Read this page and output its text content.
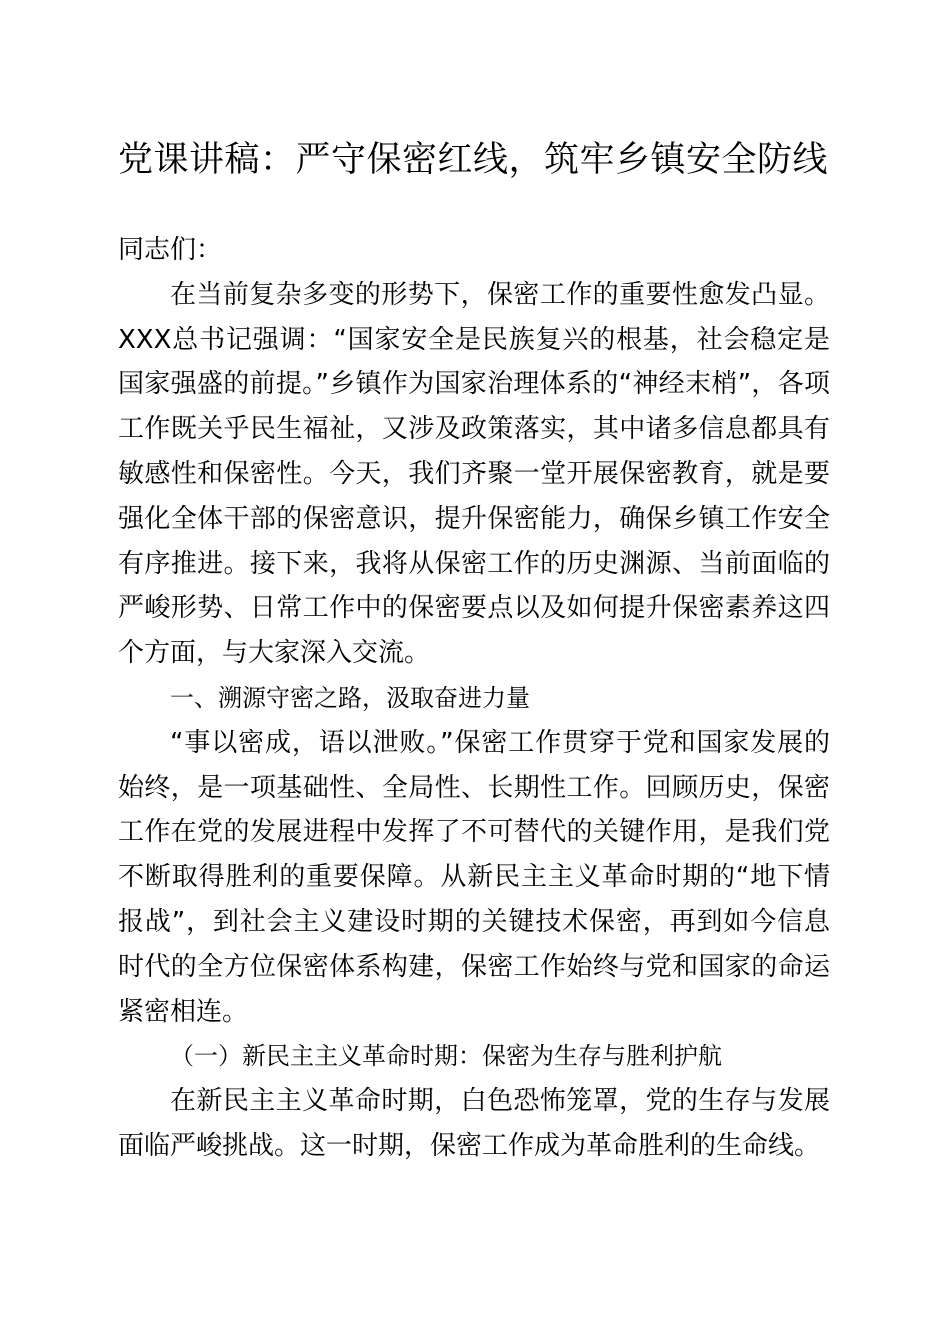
党课讲稿：严守保密红线，筑牢乡镇安全防线

同志们：

在当前复杂多变的形势下，保密工作的重要性愈发凸显。XXX总书记强调：“国家安全是民族复兴的根基，社会稳定是国家强盛的前提。”乡镇作为国家治理体系的“神经末梢”，各项工作既关乎民生福祉，又涉及政策落实，其中诸多信息都具有敏感性和保密性。今天，我们齐聚一堂开展保密教育，就是要强化全体干部的保密意识，提升保密能力，确保乡镇工作安全有序推进。接下来，我将从保密工作的历史渊源、当前面临的严峻形势、日常工作中的保密要点以及如何提升保密素养这四个方面，与大家深入交流。

一、溯源守密之路，汲取奋进力量

“事以密成，语以泄败。”保密工作贯穿于党和国家发展的始终，是一项基础性、全局性、长期性工作。回顾历史，保密工作在党的发展进程中发挥了不可替代的关键作用，是我们党不断取得胜利的重要保障。从新民主主义革命时期的“地下情报战”，到社会主义建设时期的关键技术保密，再到如今信息时代的全方位保密体系构建，保密工作始终与党和国家的命运紧密相连。

（一）新民主主义革命时期：保密为生存与胜利护航

在新民主主义革命时期，白色恐怖笼罩，党的生存与发展面临严峻挑战。这一时期，保密工作成为革命胜利的生命线。
